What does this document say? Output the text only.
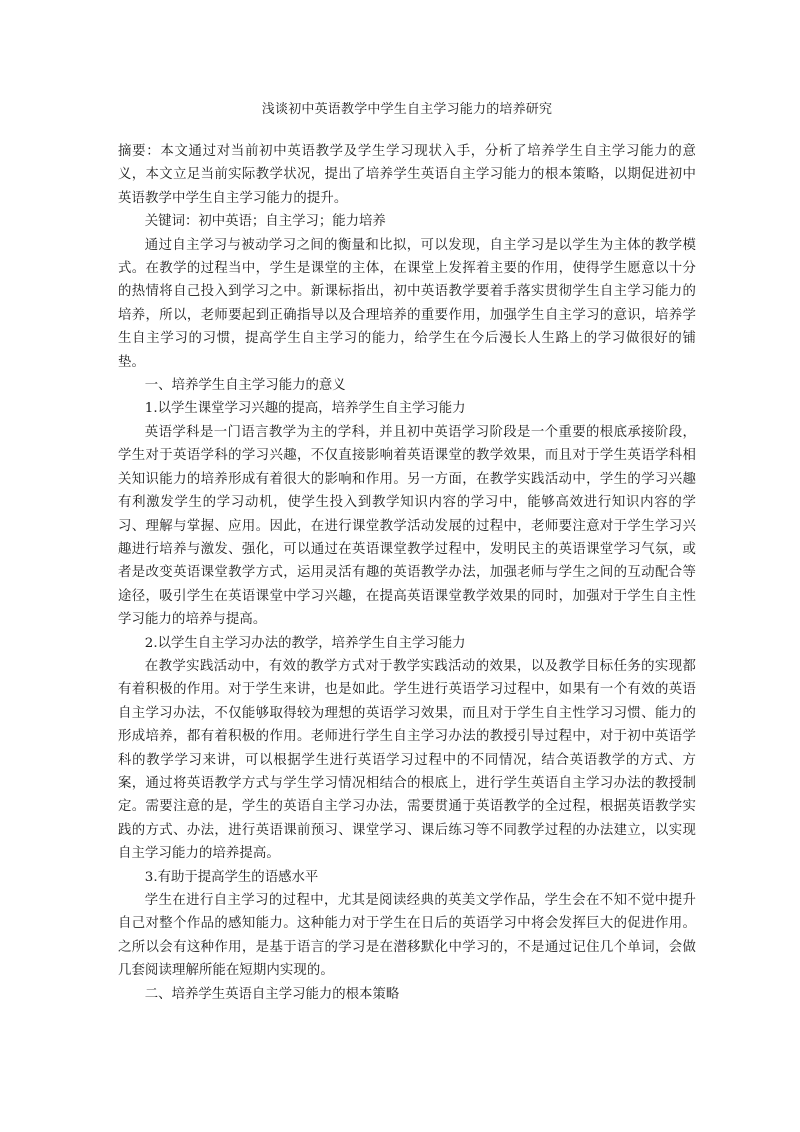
浅谈初中英语教学中学生自主学习能力的培养研究

摘要：本文通过对当前初中英语教学及学生学习现状入手，分析了培养学生自主学习能力的意义，本文立足当前实际教学状况，提出了培养学生英语自主学习能力的根本策略，以期促进初中英语教学中学生自主学习能力的提升。

关键词：初中英语；自主学习；能力培养

通过自主学习与被动学习之间的衡量和比拟，可以发现，自主学习是以学生为主体的教学模式。在教学的过程当中，学生是课堂的主体，在课堂上发挥着主要的作用，使得学生愿意以十分的热情将自己投入到学习之中。新课标指出，初中英语教学要着手落实贯彻学生自主学习能力的培养，所以，老师要起到正确指导以及合理培养的重要作用，加强学生自主学习的意识，培养学生自主学习的习惯，提高学生自主学习的能力，给学生在今后漫长人生路上的学习做很好的铺垫。

一、培养学生自主学习能力的意义

1.以学生课堂学习兴趣的提高，培养学生自主学习能力

英语学科是一门语言教学为主的学科，并且初中英语学习阶段是一个重要的根底承接阶段，学生对于英语学科的学习兴趣，不仅直接影响着英语课堂的教学效果，而且对于学生英语学科相关知识能力的培养形成有着很大的影响和作用。另一方面，在教学实践活动中，学生的学习兴趣有利激发学生的学习动机，使学生投入到教学知识内容的学习中，能够高效进行知识内容的学习、理解与掌握、应用。因此，在进行课堂教学活动发展的过程中，老师要注意对于学生学习兴趣进行培养与激发、强化，可以通过在英语课堂教学过程中，发明民主的英语课堂学习气氛，或者是改变英语课堂教学方式，运用灵活有趣的英语教学办法，加强老师与学生之间的互动配合等途径，吸引学生在英语课堂中学习兴趣，在提高英语课堂教学效果的同时，加强对于学生自主性学习能力的培养与提高。

2.以学生自主学习办法的教学，培养学生自主学习能力

在教学实践活动中，有效的教学方式对于教学实践活动的效果，以及教学目标任务的实现都有着积极的作用。对于学生来讲，也是如此。学生进行英语学习过程中，如果有一个有效的英语自主学习办法，不仅能够取得较为理想的英语学习效果，而且对于学生自主性学习习惯、能力的形成培养，都有着积极的作用。老师进行学生自主学习办法的教授引导过程中，对于初中英语学科的教学学习来讲，可以根据学生进行英语学习过程中的不同情况，结合英语教学的方式、方案，通过将英语教学方式与学生学习情况相结合的根底上，进行学生英语自主学习办法的教授制定。需要注意的是，学生的英语自主学习办法，需要贯通于英语教学的全过程，根据英语教学实践的方式、办法，进行英语课前预习、课堂学习、课后练习等不同教学过程的办法建立，以实现自主学习能力的培养提高。

3.有助于提高学生的语感水平

学生在进行自主学习的过程中，尤其是阅读经典的英美文学作品，学生会在不知不觉中提升自己对整个作品的感知能力。这种能力对于学生在日后的英语学习中将会发挥巨大的促进作用。之所以会有这种作用，是基于语言的学习是在潜移默化中学习的，不是通过记住几个单词，会做几套阅读理解所能在短期内实现的。

二、培养学生英语自主学习能力的根本策略
